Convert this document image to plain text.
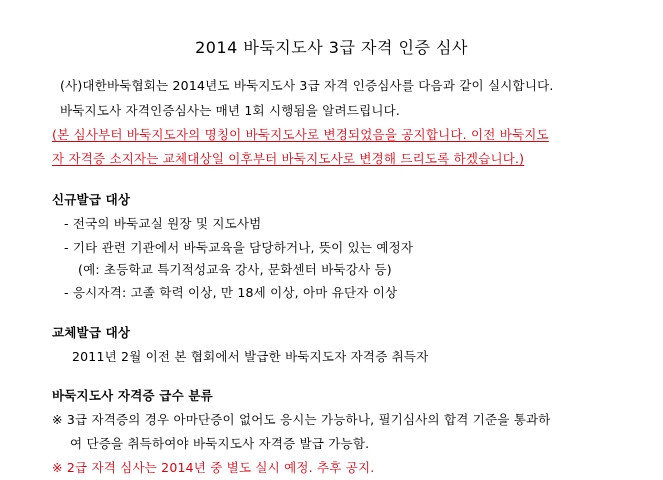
2014 바둑지도사 3급 자격 인증 심사
(사)대한바둑협회는 2014년도 바둑지도사 3급 자격 인증심사를 다음과 같이 실시합니다.
바둑지도사 자격인증심사는 매년 1회 시행됨을 알려드립니다.
(본 심사부터 바둑지도자의 명칭이 바둑지도사로 변경되었음을 공지합니다. 이전 바둑지도
자 자격증 소지자는 교체대상일 이후부터 바둑지도사로 변경해 드리도록 하겠습니다.)
신규발급 대상
- 전국의 바둑교실 원장 및 지도사범
- 기타 관련 기관에서 바둑교육을 담당하거나, 뜻이 있는 예정자
(예: 초등학교 특기적성교육 강사, 문화센터 바둑강사 등)
- 응시자격: 고졸 학력 이상, 만 18세 이상, 아마 유단자 이상
교체발급 대상
2011년 2월 이전 본 협회에서 발급한 바둑지도자 자격증 취득자
바둑지도사 자격증 급수 분류
※ 3급 자격증의 경우 아마단증이 없어도 응시는 가능하나, 필기심사의 합격 기준을 통과하
여 단증을 취득하여야 바둑지도사 자격증 발급 가능함.
※ 2급 자격 심사는 2014년 중 별도 실시 예정. 추후 공지.
